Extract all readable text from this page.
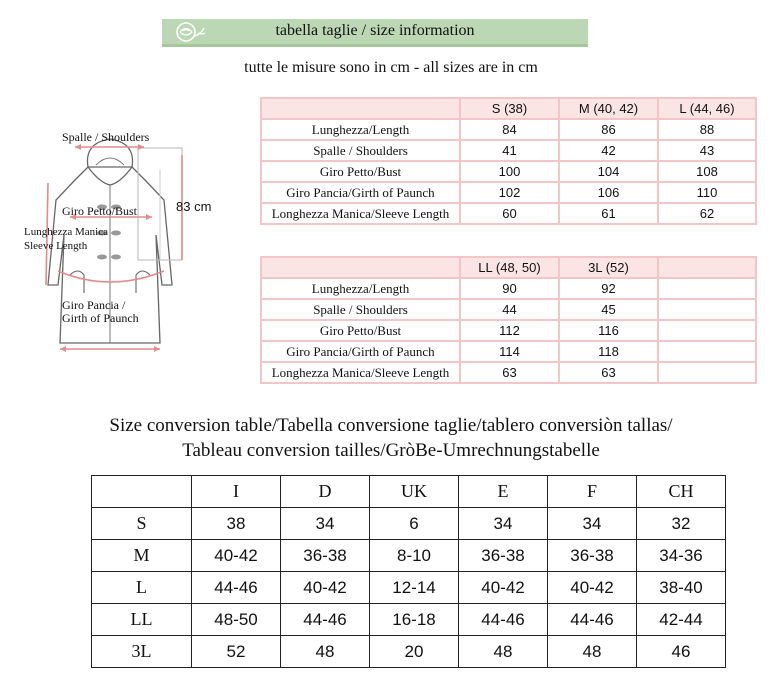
tabella taglie / size information
tutte le misure sono in cm - all sizes are in cm
Spalle / Shoulders
Giro Petto/Bust
Lunghezza Manica
Sleeve Length
Giro Pancia /
Girth of Paunch
83 cm
	S (38)	M (40, 42)	L (44, 46)
Lunghezza/Length	84	86	88
Spalle / Shoulders	41	42	43
Giro Petto/Bust	100	104	108
Giro Pancia/Girth of Paunch	102	106	110
Longhezza Manica/Sleeve Length	60	61	62
	LL (48, 50)	3L (52)	
Lunghezza/Length	90	92	
Spalle / Shoulders	44	45	
Giro Petto/Bust	112	116	
Giro Pancia/Girth of Paunch	114	118	
Longhezza Manica/Sleeve Length	63	63	
Size conversion table/Tabella conversione taglie/tablero conversiòn tallas/
Tableau conversion tailles/GròBe-Umrechnungstabelle
	I	D	UK	E	F	CH
S	38	34	6	34	34	32
M	40-42	36-38	8-10	36-38	36-38	34-36
L	44-46	40-42	12-14	40-42	40-42	38-40
LL	48-50	44-46	16-18	44-46	44-46	42-44
3L	52	48	20	48	48	46
